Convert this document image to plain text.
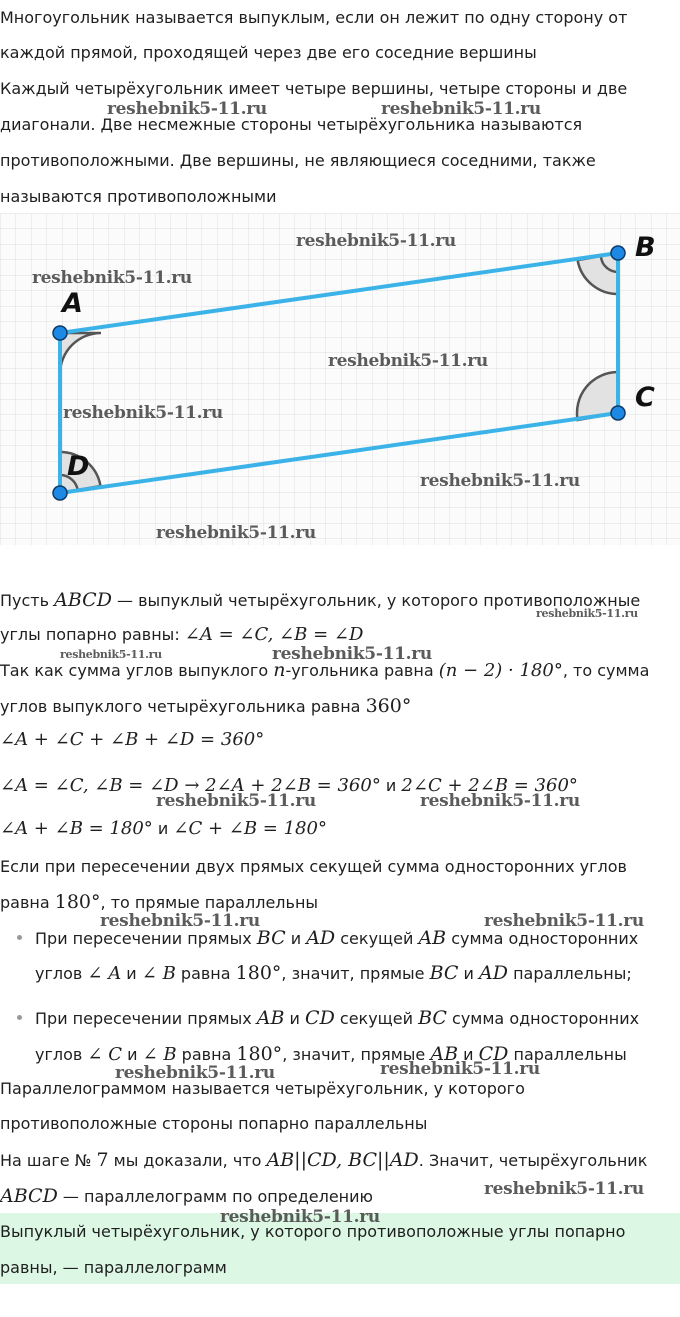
Многоугольник называется выпуклым, если он лежит по одну сторону от
каждой прямой, проходящей через две его соседние вершины
Каждый четырёхугольник имеет четыре вершины, четыре стороны и две
диагонали. Две несмежные стороны четырёхугольника называются
противоположными. Две вершины, не являющиеся соседними, также
называются противоположными
A
B
C
D
Пусть ABCD — выпуклый четырёхугольник, у которого противоположные
углы попарно равны: ∠A = ∠C, ∠B = ∠D
Так как сумма углов выпуклого n-угольника равна (n − 2) · 180°, то сумма
углов выпуклого четырёхугольника равна 360°
∠A + ∠C + ∠B + ∠D = 360°
∠A = ∠C, ∠B = ∠D → 2∠A + 2∠B = 360° и 2∠C + 2∠B = 360°
∠A + ∠B = 180° и ∠C + ∠B = 180°
Если при пересечении двух прямых секущей сумма односторонних углов
равна 180°, то прямые параллельны
При пересечении прямых BC и AD секущей AB сумма односторонних
углов ∠ A и ∠ B равна 180°, значит, прямые BC и AD параллельны;
При пересечении прямых AB и CD секущей BC сумма односторонних
углов ∠ C и ∠ B равна 180°, значит, прямые AB и CD параллельны
Параллелограммом называется четырёхугольник, у которого
противоположные стороны попарно параллельны
На шаге № 7 мы доказали, что AB||CD, BC||AD. Значит, четырёхугольник
ABCD — параллелограмм по определению
Выпуклый четырёхугольник, у которого противоположные углы попарно
равны, — параллелограмм
reshebnik5-11.ru	reshebnik5-11.ru
reshebnik5-11.ru
reshebnik5-11.ru
reshebnik5-11.ru
reshebnik5-11.ru
reshebnik5-11.ru
reshebnik5-11.ru
reshebnik5-11.ru
reshebnik5-11.ru	reshebnik5-11.ru
reshebnik5-11.ru	reshebnik5-11.ru
reshebnik5-11.ru	reshebnik5-11.ru
reshebnik5-11.ru	reshebnik5-11.ru
reshebnik5-11.ru
reshebnik5-11.ru
